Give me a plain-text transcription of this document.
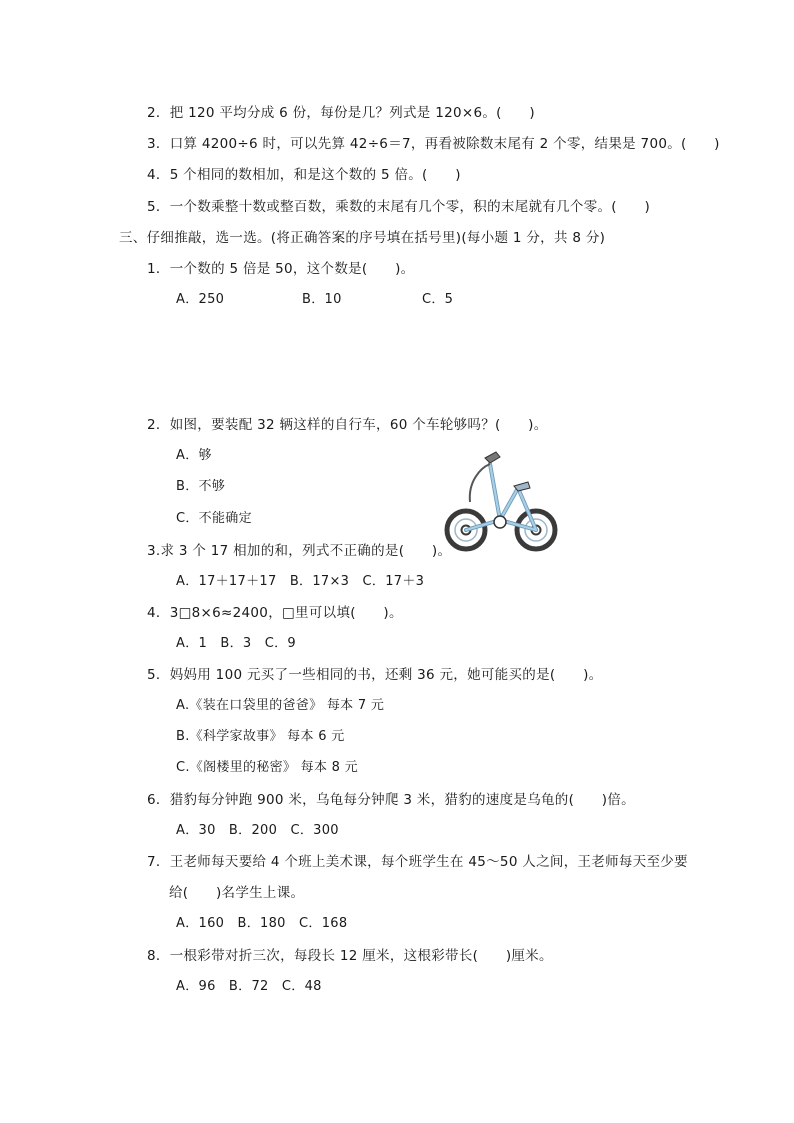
2．把 120 平均分成 6 份，每份是几？列式是 120×6。(　　)
3．口算 4200÷6 时，可以先算 42÷6＝7，再看被除数末尾有 2 个零，结果是 700。(　　)
4．5 个相同的数相加，和是这个数的 5 倍。(　　)
5．一个数乘整十数或整百数，乘数的末尾有几个零，积的末尾就有几个零。(　　)
三、仔细推敲，选一选。(将正确答案的序号填在括号里)(每小题 1 分，共 8 分)
1．一个数的 5 倍是 50，这个数是(　　)。
A．250	B．10	C．5
2．如图，要装配 32 辆这样的自行车，60 个车轮够吗？(　　)。
A．够
B．不够
C．不能确定
3.求 3 个 17 相加的和，列式不正确的是(　　)。
A．17＋17＋17　B．17×3　C．17＋3
4．3□8×6≈2400，□里可以填(　　)。
A．1　B．3　C．9
5．妈妈用 100 元买了一些相同的书，还剩 36 元，她可能买的是(　　)。
A.《装在口袋里的爸爸》 每本 7 元
B.《科学家故事》 每本 6 元
C.《阁楼里的秘密》 每本 8 元
6．猎豹每分钟跑 900 米，乌龟每分钟爬 3 米，猎豹的速度是乌龟的(　　)倍。
A．30　B．200　C．300
7．王老师每天要给 4 个班上美术课，每个班学生在 45～50 人之间，王老师每天至少要
给(　　)名学生上课。
A．160　B．180　C．168
8．一根彩带对折三次，每段长 12 厘米，这根彩带长(　　)厘米。
A．96　B．72　C．48
